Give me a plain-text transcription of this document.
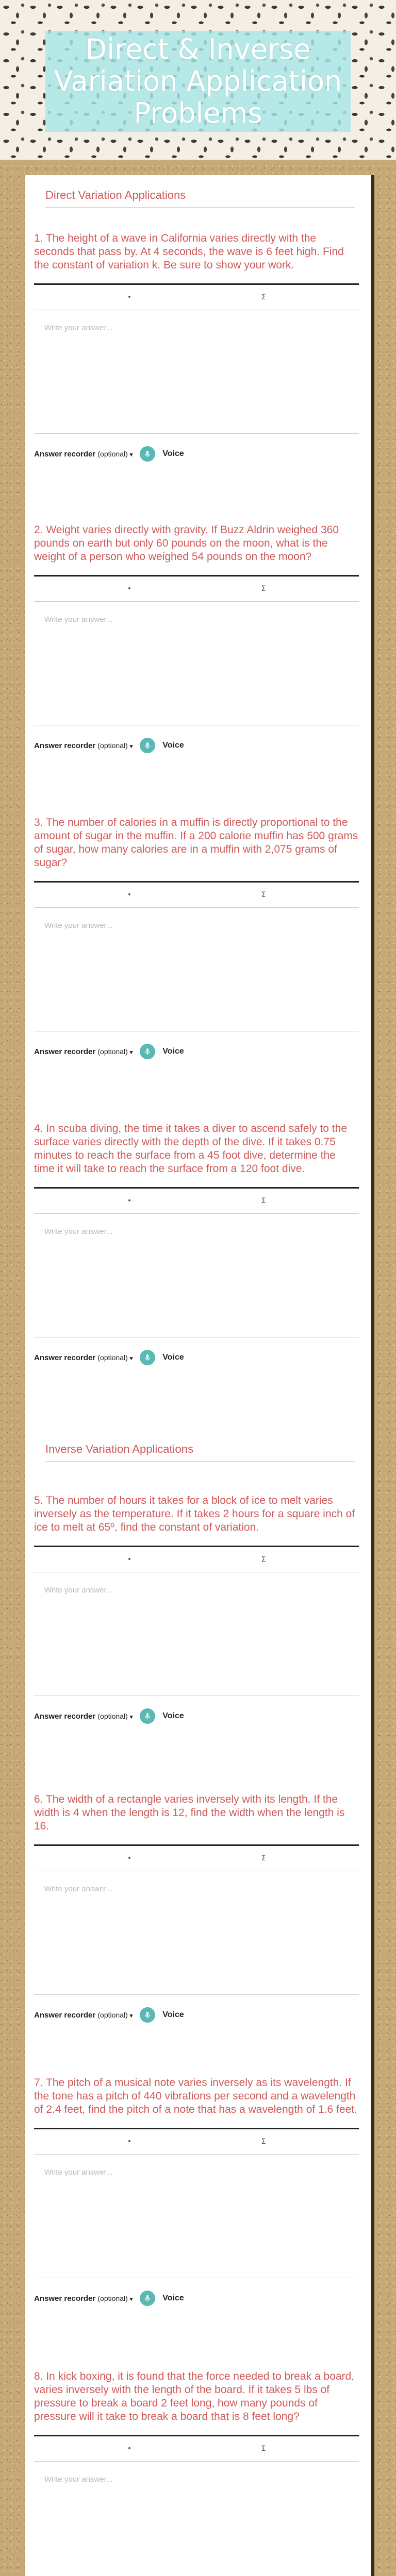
Direct & Inverse Variation Application Problems
Direct Variation Applications

1. The height of a wave in California varies directly with the seconds that pass by. At 4 seconds, the wave is 6 feet high. Find the constant of variation k. Be sure to show your work.

•	Σ
Write your answer...
Answer recorder (optional) ▾	Voice

2. Weight varies directly with gravity. If Buzz Aldrin weighed 360 pounds on earth but only 60 pounds on the moon, what is the weight of a person who weighed 54 pounds on the moon?

•	Σ
Write your answer...
Answer recorder (optional) ▾	Voice

3. The number of calories in a muffin is directly proportional to the amount of sugar in the muffin. If a 200 calorie muffin has 500 grams of sugar, how many calories are in a muffin with 2,075 grams of sugar?

•	Σ
Write your answer...
Answer recorder (optional) ▾	Voice

4. In scuba diving, the time it takes a diver to ascend safely to the surface varies directly with the depth of the dive. If it takes 0.75 minutes to reach the surface from a 45 foot dive, determine the time it will take to reach the surface from a 120 foot dive.

•	Σ
Write your answer...
Answer recorder (optional) ▾	Voice
Inverse Variation Applications

5. The number of hours it takes for a block of ice to melt varies inversely as the temperature. If it takes 2 hours for a square inch of ice to melt at 65º, find the constant of variation.

•	Σ
Write your answer...
Answer recorder (optional) ▾	Voice

6. The width of a rectangle varies inversely with its length. If the width is 4 when the length is 12, find the width when the length is 16.

•	Σ
Write your answer...
Answer recorder (optional) ▾	Voice

7. The pitch of a musical note varies inversely as its wavelength. If the tone has a pitch of 440 vibrations per second and a wavelength of 2.4 feet, find the pitch of a note that has a wavelength of 1.6 feet.

•	Σ
Write your answer...
Answer recorder (optional) ▾	Voice

8. In kick boxing, it is found that the force needed to break a board, varies inversely with the length of the board. If it takes 5 lbs of pressure to break a board 2 feet long, how many pounds of pressure will it take to break a board that is 8 feet long?

•	Σ
Write your answer...
